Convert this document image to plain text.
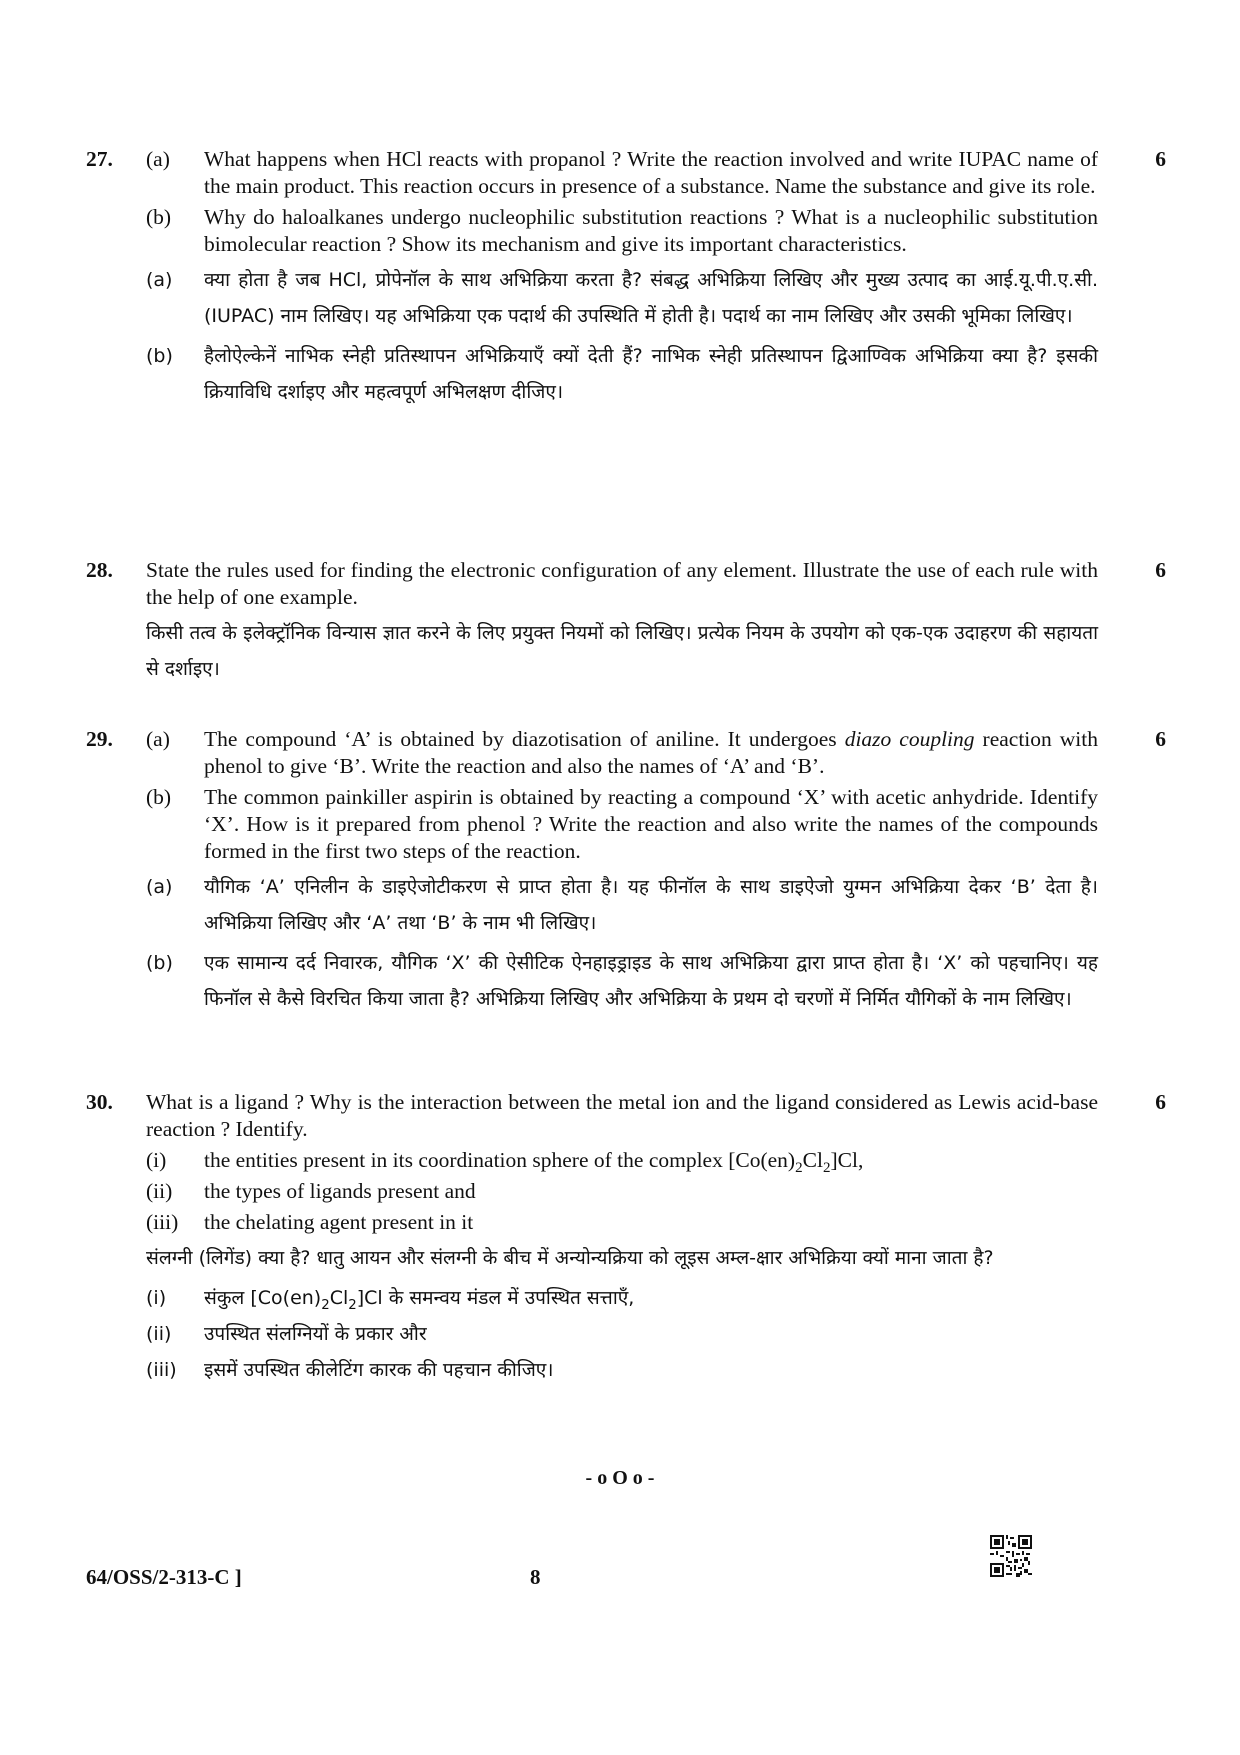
27.	6
(a)	What happens when HCl reacts with propanol ? Write the reaction involved and write IUPAC name of the main product. This reaction occurs in presence of a substance. Name the substance and give its role.
(b)	Why do haloalkanes undergo nucleophilic substitution reactions ? What is a nucleophilic substitution bimolecular reaction ? Show its mechanism and give its important characteristics.
(a)	क्या होता है जब HCl, प्रोपेनॉल के साथ अभिक्रिया करता है? संबद्ध अभिक्रिया लिखिए और मुख्य उत्पाद का आई.यू.पी.ए.सी. (IUPAC) नाम लिखिए। यह अभिक्रिया एक पदार्थ की उपस्थिति में होती है। पदार्थ का नाम लिखिए और उसकी भूमिका लिखिए।
(b)	हैलोऐल्केनें नाभिक स्नेही प्रतिस्थापन अभिक्रियाएँ क्यों देती हैं? नाभिक स्नेही प्रतिस्थापन द्विआण्विक अभिक्रिया क्या है? इसकी क्रियाविधि दर्शाइए और महत्वपूर्ण अभिलक्षण दीजिए।
28.	6
State the rules used for finding the electronic configuration of any element. Illustrate the use of each rule with the help of one example.
किसी तत्व के इलेक्ट्रॉनिक विन्यास ज्ञात करने के लिए प्रयुक्त नियमों को लिखिए। प्रत्येक नियम के उपयोग को एक-एक उदाहरण की सहायता से दर्शाइए।
29.	6
(a)	The compound ‘A’ is obtained by diazotisation of aniline. It undergoes diazo coupling reaction with phenol to give ‘B’. Write the reaction and also the names of ‘A’ and ‘B’.
(b)	The common painkiller aspirin is obtained by reacting a compound ‘X’ with acetic anhydride. Identify ‘X’. How is it prepared from phenol ? Write the reaction and also write the names of the compounds formed in the first two steps of the reaction.
(a)	यौगिक ‘A’ एनिलीन के डाइऐजोटीकरण से प्राप्त होता है। यह फीनॉल के साथ डाइऐजो युग्मन अभिक्रिया देकर ‘B’ देता है। अभिक्रिया लिखिए और ‘A’ तथा ‘B’ के नाम भी लिखिए।
(b)	एक सामान्य दर्द निवारक, यौगिक ‘X’ की ऐसीटिक ऐनहाइड्राइड के साथ अभिक्रिया द्वारा प्राप्त होता है। ‘X’ को पहचानिए। यह फिनॉल से कैसे विरचित किया जाता है? अभिक्रिया लिखिए और अभिक्रिया के प्रथम दो चरणों में निर्मित यौगिकों के नाम लिखिए।
30.	6
What is a ligand ? Why is the interaction between the metal ion and the ligand considered as Lewis acid-base reaction ? Identify.
(i)	the entities present in its coordination sphere of the complex $[Co(en)_2Cl_2]Cl$,
(ii)	the types of ligands present and
(iii)	the chelating agent present in it
संलग्नी (लिगेंड) क्या है? धातु आयन और संलग्नी के बीच में अन्योन्यक्रिया को लूइस अम्ल-क्षार अभिक्रिया क्यों माना जाता है?
(i)	संकुल $[Co(en)_2Cl_2]Cl$ के समन्वय मंडल में उपस्थित सत्ताएँ,
(ii)	उपस्थित संलग्नियों के प्रकार और
(iii)	इसमें उपस्थित कीलेटिंग कारक की पहचान कीजिए।
- o O o -
64/OSS/2-313-C ]	8
